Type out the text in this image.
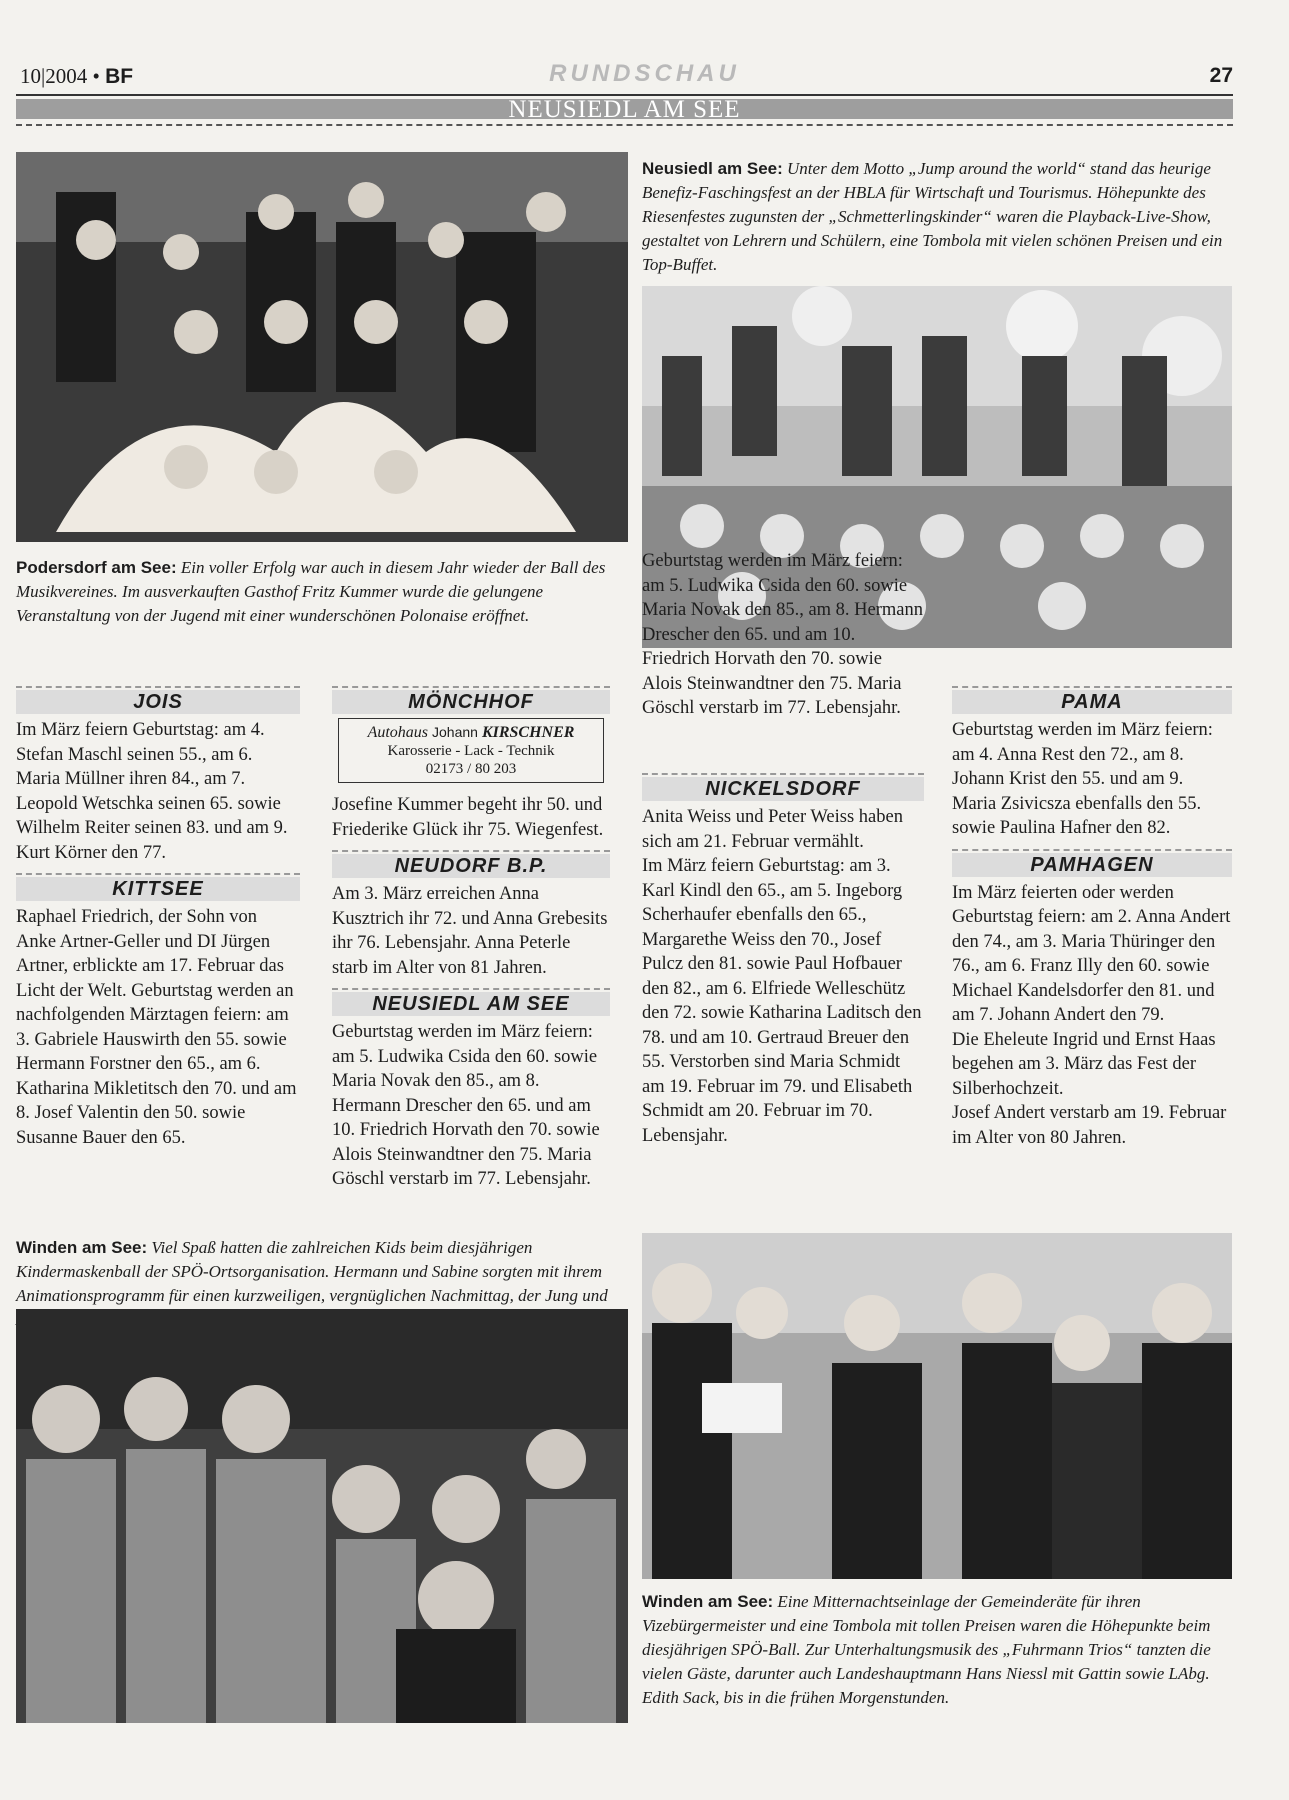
10|2004 • BF	RUNDSCHAU	27
NEUSIEDL AM SEE
Neusiedl am See: Unter dem Motto „Jump around the world“ stand das heurige Benefiz-Faschingsfest an der HBLA für Wirtschaft und Tourismus. Höhepunkte des Riesenfestes zugunsten der „Schmetterlingskinder“ waren die Playback-Live-Show, gestaltet von Lehrern und Schülern, eine Tombola mit vielen schönen Preisen und ein Top-Buffet.
Podersdorf am See: Ein voller Erfolg war auch in diesem Jahr wieder der Ball des Musikvereines. Im ausverkauften Gasthof Fritz Kummer wurde die gelungene Veranstaltung von der Jugend mit einer wunderschönen Polonaise eröffnet.
JOIS

Im März feiern Geburtstag: am 4. Stefan Maschl seinen 55., am 6. Maria Müllner ihren 84., am 7. Leopold Wetschka seinen 65. sowie Wilhelm Reiter seinen 83. und am 9. Kurt Körner den 77.

KITTSEE

Raphael Friedrich, der Sohn von Anke Artner-Geller und DI Jürgen Artner, erblickte am 17. Februar das Licht der Welt. Geburtstag werden an nachfolgenden Märztagen feiern: am 3. Gabriele Hauswirth den 55. sowie Hermann Forstner den 65., am 6. Katharina Mikletitsch den 70. und am 8. Josef Valentin den 50. sowie Susanne Bauer den 65.

MÖNCHHOF
Autohaus Johann KIRSCHNER
Karosserie - Lack - Technik
02173 / 80 203

Josefine Kummer begeht ihr 50. und Friederike Glück ihr 75. Wiegenfest.

NEUDORF B.P.

Am 3. März erreichen Anna Kusztrich ihr 72. und Anna Grebesits ihr 76. Lebensjahr. Anna Peterle starb im Alter von 81 Jahren.

NEUSIEDL AM SEE

Geburtstag werden im März feiern: am 5. Ludwika Csida den 60. sowie Maria Novak den 85., am 8. Hermann Drescher den 65. und am 10. Friedrich Horvath den 70. sowie Alois Steinwandtner den 75. Maria Göschl verstarb im 77. Lebensjahr.

Geburtstag werden im März feiern: am 5. Ludwika Csida den 60. sowie Maria Novak den 85., am 8. Hermann Drescher den 65. und am 10. Friedrich Horvath den 70. sowie Alois Steinwandtner den 75. Maria Göschl verstarb im 77. Lebensjahr.

NICKELSDORF

Anita Weiss und Peter Weiss haben sich am 21. Februar vermählt.

Im März feiern Geburtstag: am 3. Karl Kindl den 65., am 5. Ingeborg Scherhaufer ebenfalls den 65., Margarethe Weiss den 70., Josef Pulcz den 81. sowie Paul Hofbauer den 82., am 6. Elfriede Welleschütz den 72. sowie Katharina Laditsch den 78. und am 10. Gertraud Breuer den 55. Verstorben sind Maria Schmidt am 19. Februar im 79. und Elisabeth Schmidt am 20. Februar im 70. Lebensjahr.

PAMA

Geburtstag werden im März feiern: am 4. Anna Rest den 72., am 8. Johann Krist den 55. und am 9. Maria Zsivicsza ebenfalls den 55. sowie Paulina Hafner den 82.

PAMHAGEN

Im März feierten oder werden Geburtstag feiern: am 2. Anna Andert den 74., am 3. Maria Thüringer den 76., am 6. Franz Illy den 60. sowie Michael Kandelsdorfer den 81. und am 7. Johann Andert den 79.

Die Eheleute Ingrid und Ernst Haas begehen am 3. März das Fest der Silberhochzeit.

Josef Andert verstarb am 19. Februar im Alter von 80 Jahren.

Winden am See: Viel Spaß hatten die zahlreichen Kids beim diesjährigen Kindermaskenball der SPÖ-Ortsorganisation. Hermann und Sabine sorgten mit ihrem Animationsprogramm für einen kurzweiligen, vergnüglichen Nachmittag, der Jung und
Winden am See: Eine Mitternachtseinlage der Gemeinderäte für ihren Vizebürgermeister und eine Tombola mit tollen Preisen waren die Höhepunkte beim diesjährigen SPÖ-Ball. Zur Unterhaltungsmusik des „Fuhrmann Trios“ tanzten die vielen Gäste, darunter auch Landeshauptmann Hans Niessl mit Gattin sowie LAbg. Edith Sack, bis in die frühen Morgenstunden.
